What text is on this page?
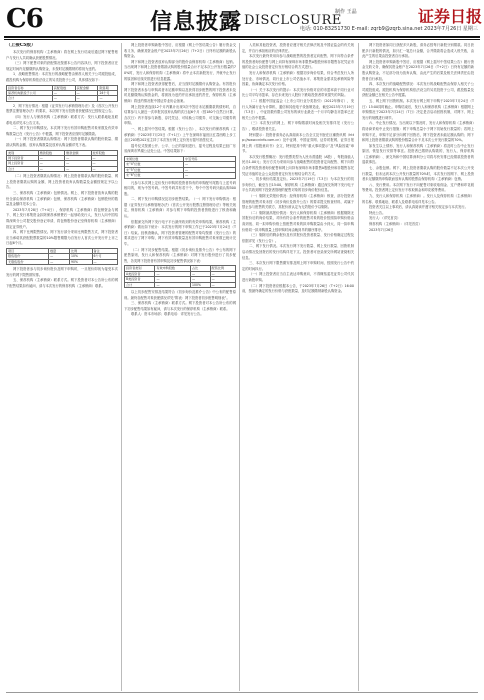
C6	信息披露 DISCLOSURE
制作 王晶	证券日报
电话: 010-83251730 E-mail: zqrb9@zqrb.sina.net 2023年7月26日 星期三
（上接C5版）

本次发行的保荐机构（主承销商）将在网上发行结束后通过网下配售账户与发行人共同确认获配股票情况。

（三）网下配售对象的获配情况按照本公告内容执行，网下投资者应在规定时间内足额缴纳认购资金，未按时足额缴纳的将视为违约。

1．战略配售情况：本次发行的战略配售由保荐人相关子公司跟投组成，跟投机构为保荐机构依法设立的另类投资子公司，具体情况如下：

投资者名称	获配股数	获配金额	限售期
保荐机构跟投子公司	—	—	24个月
合计	—	—	—

2．网下发行情况：根据《证券发行与承销管理办法》及《首次公开发行股票注册管理办法》的要求，本次网下发行投资者获配情况已按规定公告。

（四）发行人与保荐机构（主承销商）联系方式：发行人联系地址及联系电话详见本公告文末。

二、网下发行申购情况。本次网下发行有效申购配售对象家数及有效申购数量已在《发行公告》中披露，网下投资者应按时足额缴款。

（一）网下投资者缴款认购情况：网下投资者缴款认购的股份数量、缴款认购的金额、放弃认购数量及放弃认购金额详见下表。

类别	缴款股数	缴款金额	放弃股数
网下投资者	—	—	—
网上投资者	—	—	—
合计	—	—	—

（二）网上投资者缴款认购情况：网上投资者缴款认购的股份数量、网上投资者缴款认购的金额、网上投资者放弃认购数量及金额按规定予以公告。

三、保荐机构（主承销商）包销情况。网上、网下投资者放弃认购的股份全部由保荐机构（主承销商）包销，保荐机构（主承销商）包销股份的数量及金额详见本公告。

2023年7月28日（T+4日），保荐机构（主承销商）将包销资金与网下、网上发行募集资金扣除保荐承销费后一起划给发行人，发行人向中国结算深圳分公司提交股份登记申请，将包销股份登记至保荐机构（主承销商）指定证券账户。

四、网下比例限售情况。网下发行部分采用比例限售方式，网下投资者应当承诺其获配股票数量的10%限售期限为自发行人首次公开发行并上市之日起6个月。

项目	数量	比例	备注
限售股份	—	10%	6个月
无限售股份	—	90%	—

网下投资者参与初步询价报价及网下申购时，一旦报价即视为接受本次发行的网下限售期安排。

五、保荐机构（主承销商）联系方式。网下投资者对本公告所公布的网下配售结果如有疑问，请与本次发行的保荐机构（主承销商）联系。

网上投资者申购新股中签后，应根据《网上中签结果公告》履行资金交收义务，确保其资金账户在2023年7月26日（T+2日）日终有足额的新股认购资金。

网下和网上投资者放弃认购部分的股份由保荐机构（主承销商）包销。当出现网下和网上投资者缴款认购的股份数量合计不足本次公开发行数量的70%时，发行人和保荐机构（主承销商）将中止本次新股发行，并就中止发行的原因和后续安排进行信息披露。

网下和网上投资者获得配售后，应当按时足额缴付认购资金。有效报价网下投资者未参与申购或者未足额申购以及获得初步配售的网下投资者未及时足额缴纳认购资金的，将被视为违约并应承担违约责任，保荐机构（主承销商）将违约情况报中国证券业协会备案。

网上投资者连续12个月内累计出现3次中签后未足额缴款的情形时，自结算参与人最近一次申报其放弃认购的次日起6个月（按180个自然日计算，含次日）内不得参与新股、存托凭证、可转换公司债券、可交换公司债券的申购。

一、网上摇号中签结果。根据《发行公告》，本次发行的保荐机构（主承销商）于2023年7月25日（T+1日）上午在深圳市福田区红荔西路上步工业区203栋202室主持了本次发行网上定价发行摇号抽签仪式。

摇号仪式按照公开、公平、公正的原则进行，摇号过程及结果已经广东省深圳市罗湖公证处公证。中签结果如下：

末尾位数	中签号码
末“4”位数	—
末“5”位数	—
末“6”位数	—

凡参与本次网上定价发行申购的投资者持有的申购配号尾数与上述号码相同的，则为中签号码。中签号码共有若干个，每个中签号码只能认购500股。

二、网下发行申购情况及初步配售结果。（一）网下发行申购情况：根据《证券发行与承销管理办法》《首次公开发行股票注册管理办法》等相关规定，保荐机构（主承销商）对参与网下申购的投资者资格进行了核查和确认。

依据深交所网下发行电子平台最终收到的有效申购结果，保荐机构（主承销商）做出如下统计：本次发行的网下申购工作已于2023年7月24日（T日）结束。经核查确认，网下投资者管理的配售对象均按照《发行公告》的要求进行了网下申购，网下有效申购数量及有效申购配售对象家数已统计完毕。

（二）网下初步配售结果。根据《初步询价及推介公告》中公布的网下配售原则，发行人和保荐机构（主承销商）对网下发行股份进行了初步配售，各类网下投资者有效申购及初步配售情况如下表：

投资者类别	有效申购股数	占比	配售比例
A类投资者	—	—	—
B类投资者	—	—	—
合计	—	100%	—

以上初步配售安排及结果符合《初步询价及推介公告》中公布的配售原则。最终各配售对象获配情况详见“附表：网下投资者初步配售明细表”。

三、保荐机构（主承销商）联系方式。网下投资者对本公告所公布的网下初步配售结果如有疑问，请与本次发行的保荐机构（主承销商）联系。

联系人：资本市场部；联系电话：详见发行公告。

入类和其他投资者，投资者应遵守相关法律法规及中国证监会的有关规定，并自行承担相应的法律责任。

本次发行最终采用向参与战略配售的投资者定向配售、网下向符合条件的投资者询价配售与网上向持有深圳市场非限售A股股份和非限售存托凭证市值的社会公众投资者定价发行相结合的方式进行。

发行人和保荐机构（主承销商）根据初步询价结果，综合考虑发行人所处行业、市场情况、同行业上市公司估值水平、募集资金需求及承销风险等因素，协商确定本次发行价格。

（一）关于本次发行的提示：本次发行价格对应的市盈率高于同行业可比公司平均市盈率，存在未来发行人股价下跌给投资者带来损失的风险。

（二）根据中国证监会《上市公司行业分类指引》（2012年修订），发行人所属行业为计算机、通信和其他电子设备制造业，截至2023年7月19日（T-3日），中证指数有限公司发布的该行业最近一个月平均静态市盈率已在相关公告中披露。

（三）本次发行的网上、网下申购缴款时间及相关安排详见《发行公告》，敬请投资者关注。

特别提示：投资者请务必认真阅读本公告全文及刊登在巨潮资讯网（http://www.cninfo.com.cn）及中证网、中国证券网、证券时报网、证券日报网上的《招股意向书》全文，特别是其中的“重大事项提示”及“风险因素”章节。

本次发行股票概况：发行股票类型为人民币普通股（A股），每股面值人民币1.00元；发行方式为采用向参与战略配售的投资者定向配售、网下向符合条件的投资者询价配售和网上向持有深圳市场非限售A股股份和非限售存托凭证市值的社会公众投资者定价发行相结合的方式。

一、初步询价结果及定价。2023年7月19日（T-3日）为本次发行的初步询价日，截至当日15:00，保荐机构（主承销商）通过深交所网下发行电子平台共收到网下投资者管理的配售对象的初步询价报价信息。

（一）剔除无效报价情况：经保荐机构（主承销商）核查，部分投资者管理的配售对象未按《初步询价及推介公告》的要求提交核查材料，或属于禁止参与配售的关联方，其报价被认定为无效报价予以剔除。

（二）剔除最高报价情况：发行人和保荐机构（主承销商）根据剔除无效报价后的询价结果，对所有符合条件的配售对象的报价按照拟申购价格由高到低、同一拟申购价格上按配售对象的拟申购数量由小到大、同一拟申购价格同一拟申购数量上按申购时间由晚到早的顺序排序。

（三）剔除后的剩余报价及有效报价投资者数量、发行价格确定过程及依据详见《发行公告》。

二、网下发行情况。本次发行网下发行数量、网上发行数量、回拨机制启动情况及回拨后的发行结构详见下文。投资者可登录深交所网站查阅相关信息。

三、本次发行网下限售期安排及网上网下申购时间，按照发行公告中约定的时间执行。

（一）网上投资者应当自主表达申购意向，不得概括委托证券公司代其进行新股申购。

（二）网下投资者应根据本公告，于2023年7月26日（T+2日）16:00前，按最终确定的发行价格与获配数量，及时足额缴纳新股认购资金。

网下投资者如同日获配多只新股，请务必按每只新股分别缴款。同日获配多只新股的情况，如只汇一笔总计金额，合并缴款将会造成入账失败，由此产生的后果由投资者自行承担。

网上投资者申购新股中签后，应根据《网上摇号中签结果公告》履行资金交收义务，确保其资金账户在2023年7月26日（T+2日）日终有足额的新股认购资金，不足部分视为放弃认购，由此产生的后果及相关法律责任由投资者自行承担。

四、本次发行的战略配售情况：本次发行的战略配售由保荐人相关子公司跟投组成。跟投机构为保荐机构依法设立的另类投资子公司，跟投数量及获配金额已在相关公告中披露。

五、网上网下回拨机制。本次发行网上网下申购于2023年7月24日（T日）15:00同时截止。申购结束后，发行人和保荐机构（主承销商）根据网上申购情况于2023年7月24日（T日）决定是否启动回拨机制，对网下、网上发行的规模进行调节。

六、中止发行情况。当出现以下情况时，发行人和保荐机构（主承销商）将协商采取中止发行措施：网下申购总量小于网下初始发行数量的；若网上申购不足，申购不足部分向网下回拨后，网下投资者未能足额认购的；网下和网上投资者缴款认购的股份数量合计不足本次公开发行数量的70%。

如发生以上情形，发行人和保荐机构（主承销商）将及时公告中止发行原因、恢复发行安排等事宜。投资者已缴纳认购款的，发行人、保荐机构（主承销商）、深交所和中国结算深圳分公司将尽快安排已经缴款投资者的退款事宜。

七、余股包销。网下、网上投资者缴款认购的股份数量不足本次公开发行数量，但未达到本次公开发行数量的70%时，本次发行因网下、网上投资者未足额缴纳申购款而放弃认购的股票由保荐机构（主承销商）包销。

八、发行费用。本次网下发行不向配售对象收取佣金、过户费和印花税等费用。投资者网上定价发行不收取佣金和印花税等费用。

九、发行人和保荐机构（主承销商）。发行人及保荐机构（主承销商）的名称、联系地址、联系人及联系电话详见本公告。

投资者关注以上事项后，请认真阅读并遵守相关规定参与本次发行。

特此公告。

发行人：（详见首页）

保荐机构（主承销商）：（详见首页）

2023年7月26日
